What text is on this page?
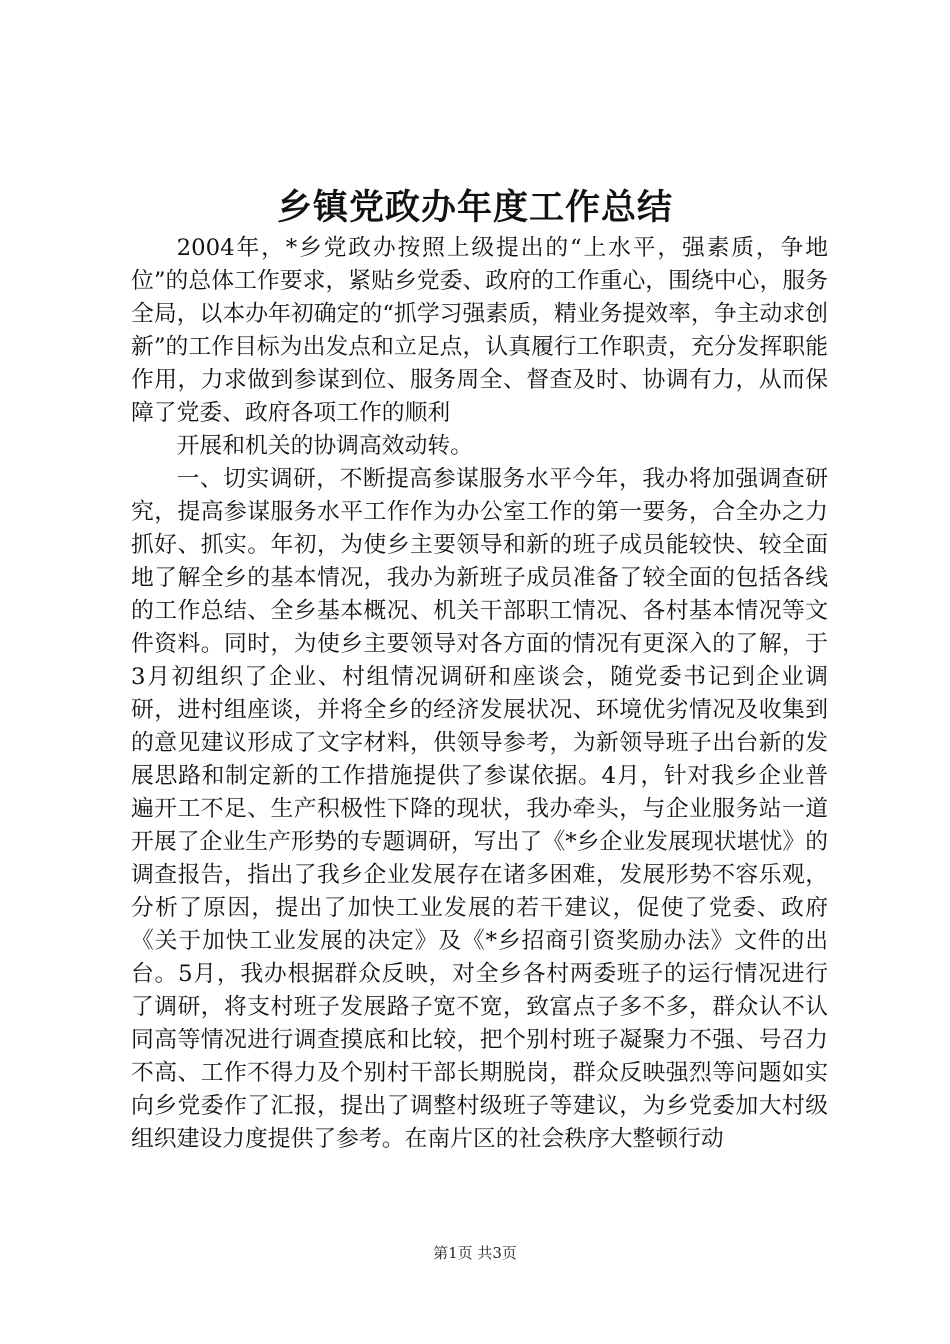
乡镇党政办年度工作总结

2004年，*乡党政办按照上级提出的“上水平，强素质，争地位”的总体工作要求，紧贴乡党委、政府的工作重心，围绕中心，服务全局，以本办年初确定的“抓学习强素质，精业务提效率，争主动求创新”的工作目标为出发点和立足点，认真履行工作职责，充分发挥职能作用，力求做到参谋到位、服务周全、督查及时、协调有力，从而保障了党委、政府各项工作的顺利

开展和机关的协调高效动转。

一、切实调研，不断提高参谋服务水平今年，我办将加强调查研究，提高参谋服务水平工作作为办公室工作的第一要务，合全办之力抓好、抓实。年初，为使乡主要领导和新的班子成员能较快、较全面地了解全乡的基本情况，我办为新班子成员准备了较全面的包括各线的工作总结、全乡基本概况、机关干部职工情况、各村基本情况等文件资料。同时，为使乡主要领导对各方面的情况有更深入的了解，于3月初组织了企业、村组情况调研和座谈会，随党委书记到企业调研，进村组座谈，并将全乡的经济发展状况、环境优劣情况及收集到的意见建议形成了文字材料，供领导参考，为新领导班子出台新的发展思路和制定新的工作措施提供了参谋依据。4月，针对我乡企业普遍开工不足、生产积极性下降的现状，我办牵头，与企业服务站一道开展了企业生产形势的专题调研，写出了《*乡企业发展现状堪忧》的调查报告，指出了我乡企业发展存在诸多困难，发展形势不容乐观，分析了原因，提出了加快工业发展的若干建议，促使了党委、政府《关于加快工业发展的决定》及《*乡招商引资奖励办法》文件的出台。5月，我办根据群众反映，对全乡各村两委班子的运行情况进行了调研，将支村班子发展路子宽不宽，致富点子多不多，群众认不认同高等情况进行调查摸底和比较，把个别村班子凝聚力不强、号召力不高、工作不得力及个别村干部长期脱岗，群众反映强烈等问题如实向乡党委作了汇报，提出了调整村级班子等建议，为乡党委加大村级组织建设力度提供了参考。在南片区的社会秩序大整顿行动

第1页 共3页
